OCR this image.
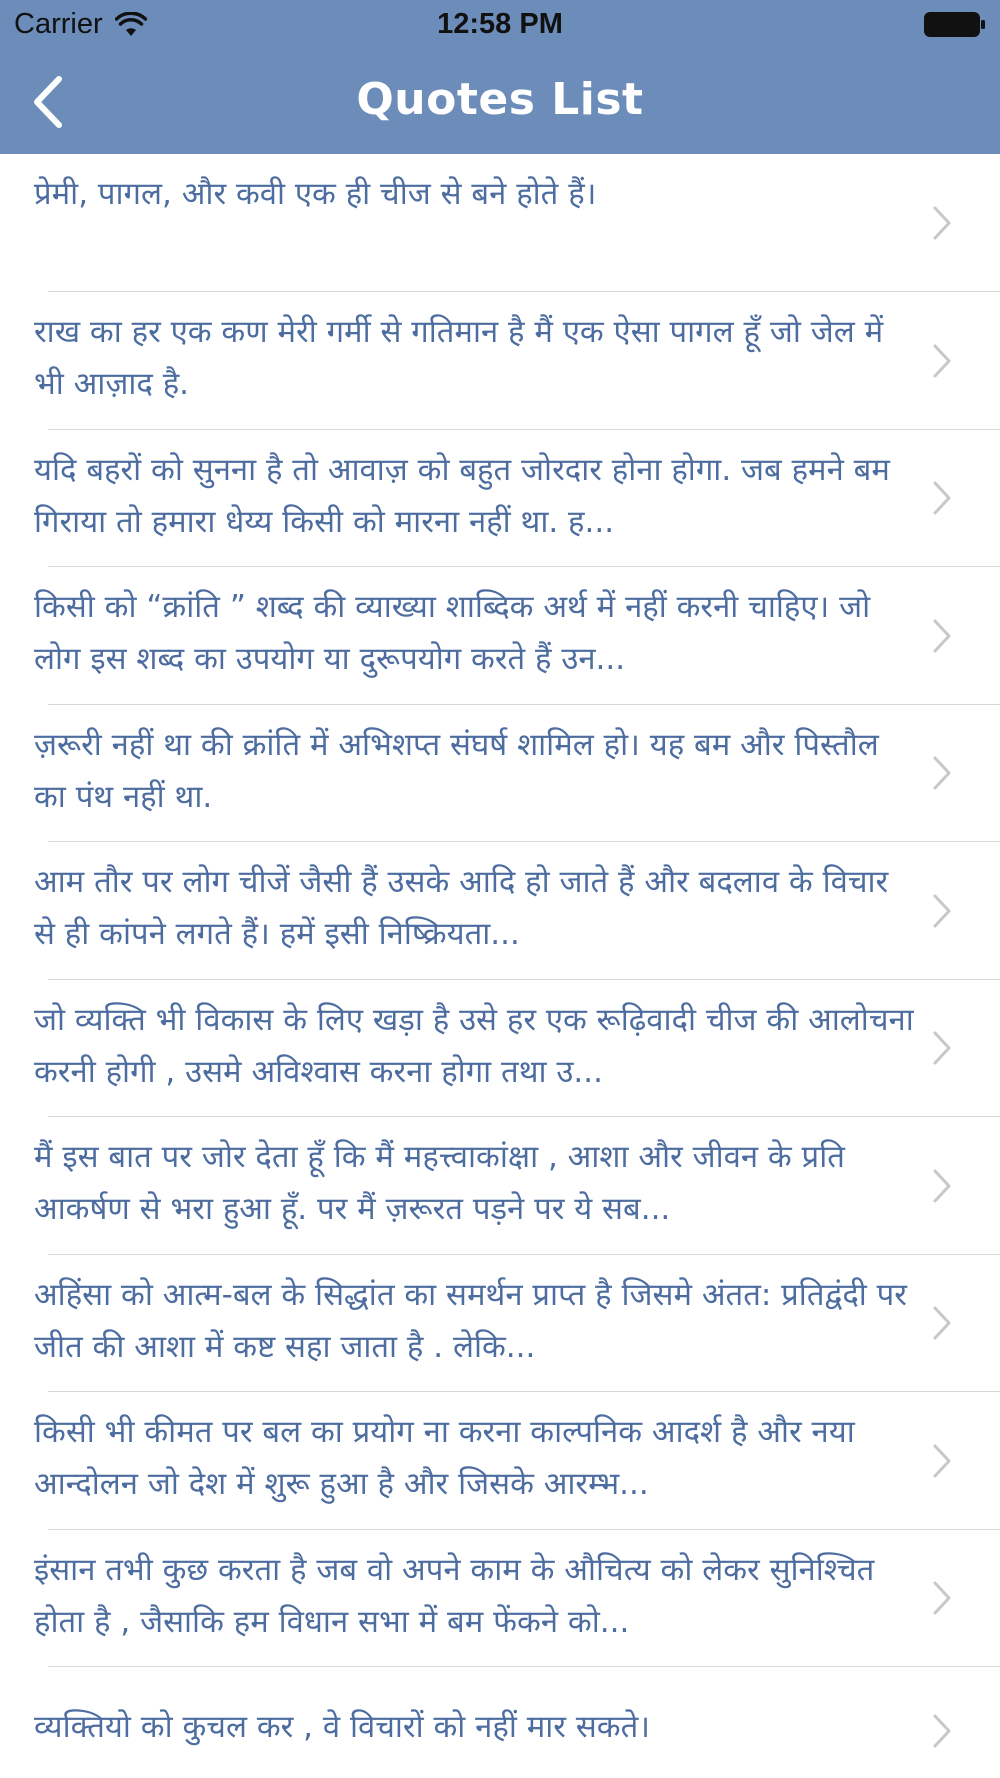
Carrier	12:58 PM
Quotes List
प्रेमी, पागल, और कवी एक ही चीज से बने होते हैं।
राख का हर एक कण मेरी गर्मी से गतिमान है मैं एक ऐसा पागल हूँ जो जेल में भी आज़ाद है.
यदि बहरों को सुनना है तो आवाज़ को बहुत जोरदार होना होगा. जब हमने बम गिराया तो हमारा धेय्य किसी को मारना नहीं था. ह...
किसी को “क्रांति ” शब्द की व्याख्या शाब्दिक अर्थ में नहीं करनी चाहिए। जो लोग इस शब्द का उपयोग या दुरूपयोग करते हैं उन...
ज़रूरी नहीं था की क्रांति में अभिशप्त संघर्ष शामिल हो। यह बम और पिस्तौल का पंथ नहीं था.
आम तौर पर लोग चीजें जैसी हैं उसके आदि हो जाते हैं और बदलाव के विचार से ही कांपने लगते हैं। हमें इसी निष्क्रियता...
जो व्यक्ति भी विकास के लिए खड़ा है उसे हर एक रूढ़िवादी चीज की आलोचना करनी होगी , उसमे अविश्वास करना होगा तथा उ...
मैं इस बात पर जोर देता हूँ कि मैं महत्त्वाकांक्षा , आशा और जीवन के प्रति आकर्षण से भरा हुआ हूँ. पर मैं ज़रूरत पड़ने पर ये सब...
अहिंसा को आत्म-बल के सिद्धांत का समर्थन प्राप्त है जिसमे अंतत: प्रतिद्वंदी पर जीत की आशा में कष्ट सहा जाता है . लेकि...
किसी भी कीमत पर बल का प्रयोग ना करना काल्पनिक आदर्श है और नया आन्दोलन जो देश में शुरू हुआ है और जिसके आरम्भ...
इंसान तभी कुछ करता है जब वो अपने काम के औचित्य को लेकर सुनिश्चित होता है , जैसाकि हम विधान सभा में बम फेंकने को...
व्यक्तियो को कुचल कर , वे विचारों को नहीं मार सकते।
